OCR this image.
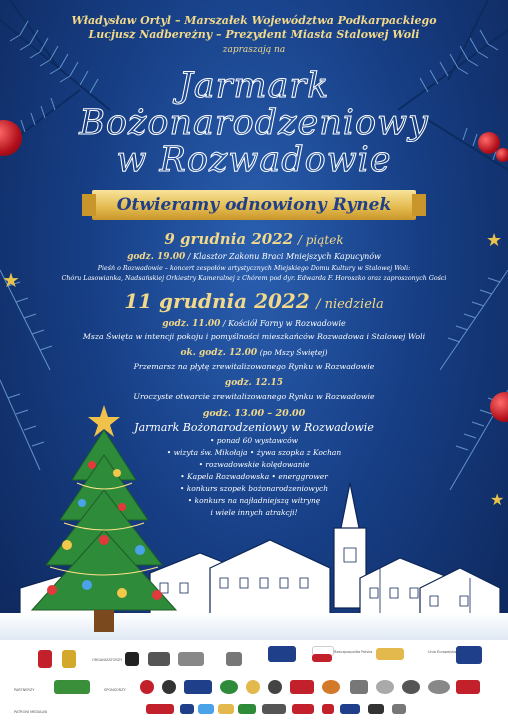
★
★
★
Władysław Ortyl – Marszałek Województwa Podkarpackiego
Lucjusz Nadbereżny – Prezydent Miasta Stalowej Woli
zapraszają na
Jarmark
Bożonarodzeniowy
w Rozwadowie
Otwieramy odnowiony Rynek
9 grudnia 2022 / piątek
godz. 19.00 / Klasztor Zakonu Braci Mniejszych Kapucynów
Pieśń o Rozwadowie – koncert zespołów artystycznych Miejskiego Domu Kultury w Stalowej Woli:
Chóru Lasowianka, Nadsańskiej Orkiestry Kameralnej z Chórem pod dyr. Edwarda F. Horoszko oraz zaproszonych Gości
11 grudnia 2022 / niedziela
godz. 11.00 / Kościół Farny w Rozwadowie
Msza Święta w intencji pokoju i pomyślności mieszkańców Rozwadowa i Stalowej Woli
ok. godz. 12.00 (po Mszy Świętej)
Przemarsz na płytę zrewitalizowanego Rynku w Rozwadowie
godz. 12.15
Uroczyste otwarcie zrewitalizowanego Rynku w Rozwadowie
godz. 13.00 – 20.00
Jarmark Bożonarodzeniowy w Rozwadowie
• ponad 60 wystawców
• wizyta św. Mikołaja • żywa szopka z Kochan
• rozwadowskie kolędowanie
• Kapela Rozwadowska • energgrower
• konkurs szopek bożonarodzeniowych
• konkurs na najładniejszą witrynę
i wiele innych atrakcji!
ORGANIZATORZY
Rzeczpospolita Polska	Unia Europejska
PARTNERZY	SPONSORZY
PATRONI MEDIALNI
